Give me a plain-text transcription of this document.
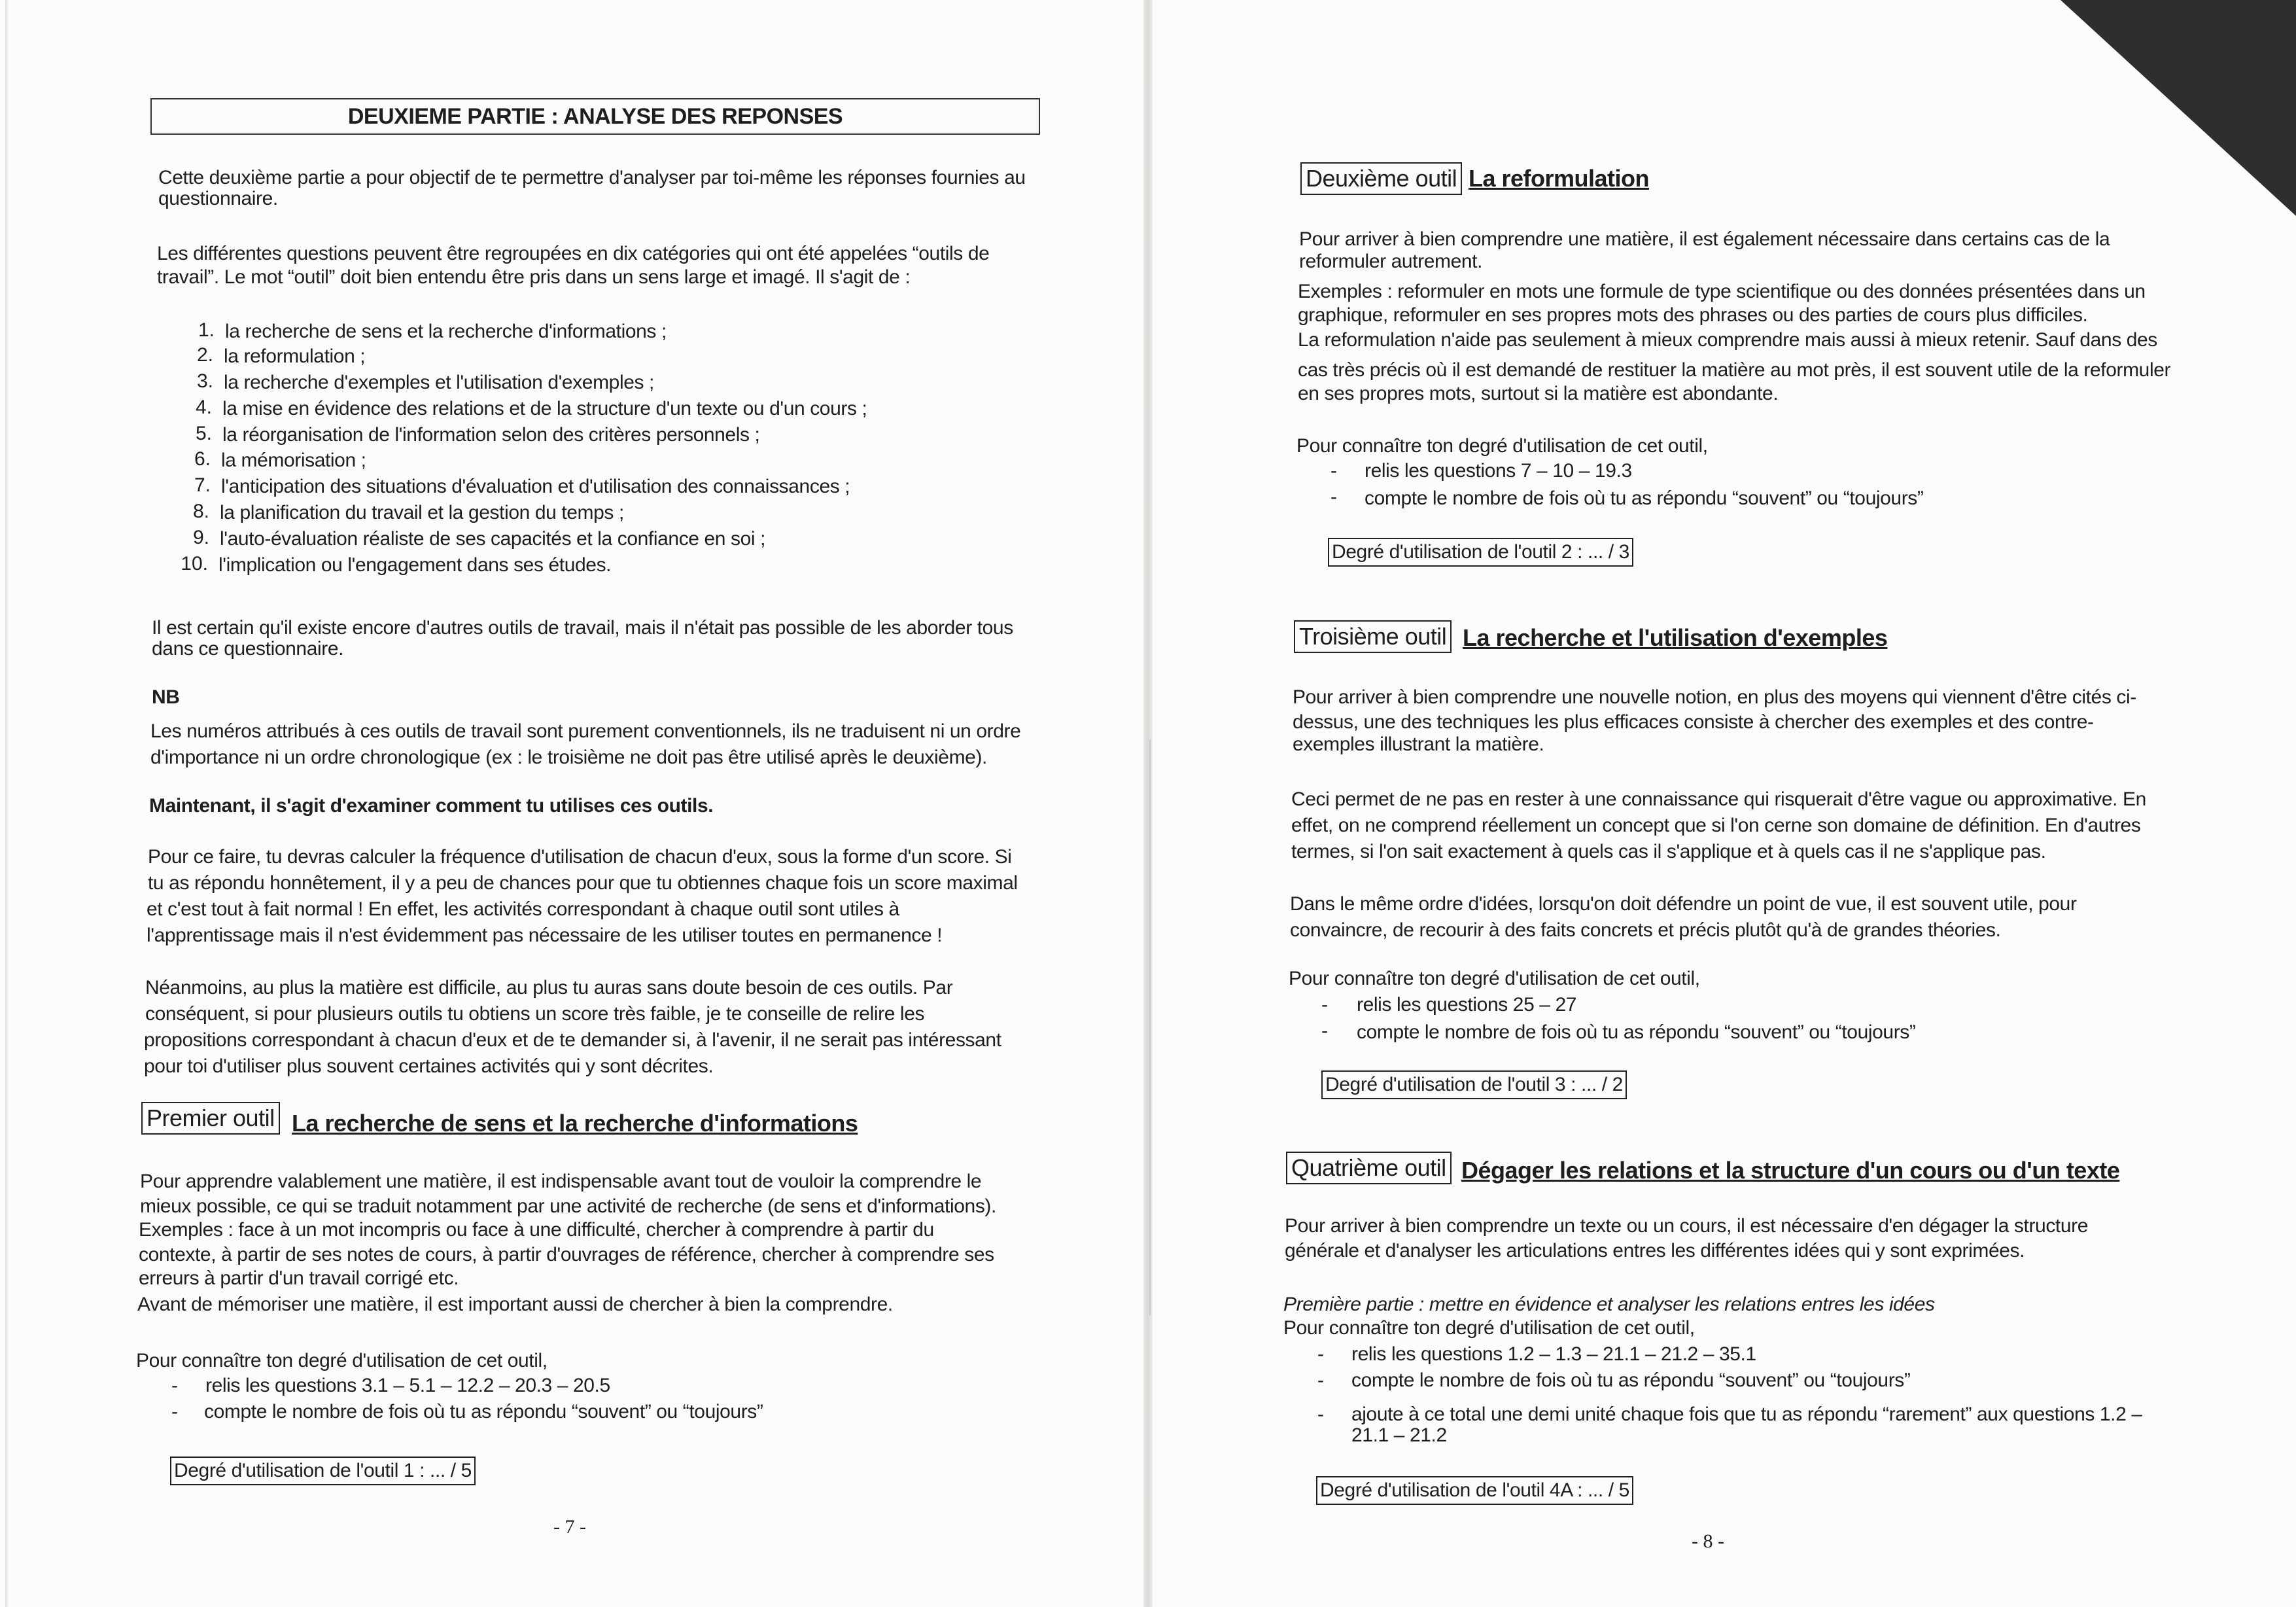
DEUXIEME PARTIE : ANALYSE DES REPONSES
Cette deuxième partie a pour objectif de te permettre d'analyser par toi-même les réponses fournies au
questionnaire.
Les différentes questions peuvent être regroupées en dix catégories qui ont été appelées “outils de
travail”. Le mot “outil” doit bien entendu être pris dans un sens large et imagé. Il s'agit de :
1. la recherche de sens et la recherche d'informations ;
2. la reformulation ;
3. la recherche d'exemples et l'utilisation d'exemples ;
4. la mise en évidence des relations et de la structure d'un texte ou d'un cours ;
5. la réorganisation de l'information selon des critères personnels ;
6. la mémorisation ;
7. l'anticipation des situations d'évaluation et d'utilisation des connaissances ;
8. la planification du travail et la gestion du temps ;
9. l'auto-évaluation réaliste de ses capacités et la confiance en soi ;
10. l'implication ou l'engagement dans ses études.
Il est certain qu'il existe encore d'autres outils de travail, mais il n'était pas possible de les aborder tous
dans ce questionnaire.
NB
Les numéros attribués à ces outils de travail sont purement conventionnels, ils ne traduisent ni un ordre
d'importance ni un ordre chronologique (ex : le troisième ne doit pas être utilisé après le deuxième).
Maintenant, il s'agit d'examiner comment tu utilises ces outils.
Pour ce faire, tu devras calculer la fréquence d'utilisation de chacun d'eux, sous la forme d'un score. Si
tu as répondu honnêtement, il y a peu de chances pour que tu obtiennes chaque fois un score maximal
et c'est tout à fait normal ! En effet, les activités correspondant à chaque outil sont utiles à
l'apprentissage mais il n'est évidemment pas nécessaire de les utiliser toutes en permanence !
Néanmoins, au plus la matière est difficile, au plus tu auras sans doute besoin de ces outils. Par
conséquent, si pour plusieurs outils tu obtiens un score très faible, je te conseille de relire les
propositions correspondant à chacun d'eux et de te demander si, à l'avenir, il ne serait pas intéressant
pour toi d'utiliser plus souvent certaines activités qui y sont décrites.
Premier outil La recherche de sens et la recherche d'informations
Pour apprendre valablement une matière, il est indispensable avant tout de vouloir la comprendre le
mieux possible, ce qui se traduit notamment par une activité de recherche (de sens et d'informations).
Exemples : face à un mot incompris ou face à une difficulté, chercher à comprendre à partir du
contexte, à partir de ses notes de cours, à partir d'ouvrages de référence, chercher à comprendre ses
erreurs à partir d'un travail corrigé etc.
Avant de mémoriser une matière, il est important aussi de chercher à bien la comprendre.
Pour connaître ton degré d'utilisation de cet outil,
- relis les questions 3.1 – 5.1 – 12.2 – 20.3 – 20.5
- compte le nombre de fois où tu as répondu “souvent” ou “toujours”
Degré d'utilisation de l'outil 1 : ... / 5
- 7 -
Deuxième outil La reformulation
Pour arriver à bien comprendre une matière, il est également nécessaire dans certains cas de la
reformuler autrement.
Exemples : reformuler en mots une formule de type scientifique ou des données présentées dans un
graphique, reformuler en ses propres mots des phrases ou des parties de cours plus difficiles.
La reformulation n'aide pas seulement à mieux comprendre mais aussi à mieux retenir. Sauf dans des
cas très précis où il est demandé de restituer la matière au mot près, il est souvent utile de la reformuler
en ses propres mots, surtout si la matière est abondante.
Pour connaître ton degré d'utilisation de cet outil,
- relis les questions 7 – 10 – 19.3
- compte le nombre de fois où tu as répondu “souvent” ou “toujours”
Degré d'utilisation de l'outil 2 : ... / 3
Troisième outil La recherche et l'utilisation d'exemples
Pour arriver à bien comprendre une nouvelle notion, en plus des moyens qui viennent d'être cités ci-
dessus, une des techniques les plus efficaces consiste à chercher des exemples et des contre-
exemples illustrant la matière.
Ceci permet de ne pas en rester à une connaissance qui risquerait d'être vague ou approximative. En
effet, on ne comprend réellement un concept que si l'on cerne son domaine de définition. En d'autres
termes, si l'on sait exactement à quels cas il s'applique et à quels cas il ne s'applique pas.
Dans le même ordre d'idées, lorsqu'on doit défendre un point de vue, il est souvent utile, pour
convaincre, de recourir à des faits concrets et précis plutôt qu'à de grandes théories.
Pour connaître ton degré d'utilisation de cet outil,
- relis les questions 25 – 27
- compte le nombre de fois où tu as répondu “souvent” ou “toujours”
Degré d'utilisation de l'outil 3 : ... / 2
Quatrième outil Dégager les relations et la structure d'un cours ou d'un texte
Pour arriver à bien comprendre un texte ou un cours, il est nécessaire d'en dégager la structure
générale et d'analyser les articulations entres les différentes idées qui y sont exprimées.
Première partie : mettre en évidence et analyser les relations entres les idées
Pour connaître ton degré d'utilisation de cet outil,
- relis les questions 1.2 – 1.3 – 21.1 – 21.2 – 35.1
- compte le nombre de fois où tu as répondu “souvent” ou “toujours”
- ajoute à ce total une demi unité chaque fois que tu as répondu “rarement” aux questions 1.2 –
21.1 – 21.2
Degré d'utilisation de l'outil 4A : ... / 5
- 8 -
